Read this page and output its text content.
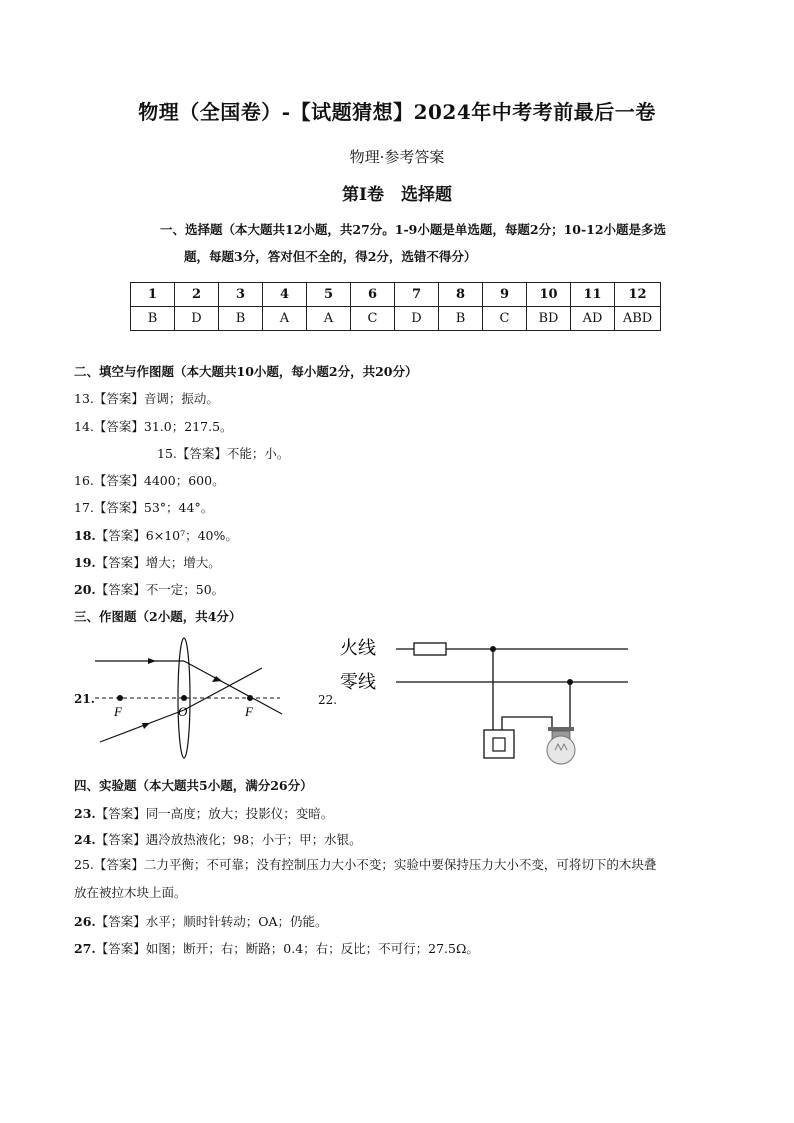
物理（全国卷）-【试题猜想】2024年中考考前最后一卷
物理·参考答案
第Ⅰ卷　选择题
一、选择题（本大题共12小题，共27分。1-9小题是单选题，每题2分；10-12小题是多选
题，每题3分，答对但不全的，得2分，选错不得分）
1	2	3	4	5	6	7	8	9	10	11	12
B	D	B	A	A	C	D	B	C	BD	AD	ABD
二、填空与作图题（本大题共10小题，每小题2分，共20分）
13.【答案】音调；振动。
14.【答案】31.0；217.5。
15.【答案】不能；小。
16.【答案】4400；600。
17.【答案】53°；44°。
18.【答案】6×10⁷；40%。
19.【答案】增大；增大。
20.【答案】不一定；50。
三、作图题（2小题，共4分）
21.
F	O	F
22.
火线
零线
四、实验题（本大题共5小题，满分26分）
23.【答案】同一高度；放大；投影仪；变暗。
24.【答案】遇冷放热液化；98；小于；甲；水银。
25.【答案】二力平衡；不可靠；没有控制压力大小不变；实验中要保持压力大小不变，可将切下的木块叠
放在被拉木块上面。
26.【答案】水平；顺时针转动；OA；仍能。
27.【答案】如图；断开；右；断路；0.4；右；反比；不可行；27.5Ω。
